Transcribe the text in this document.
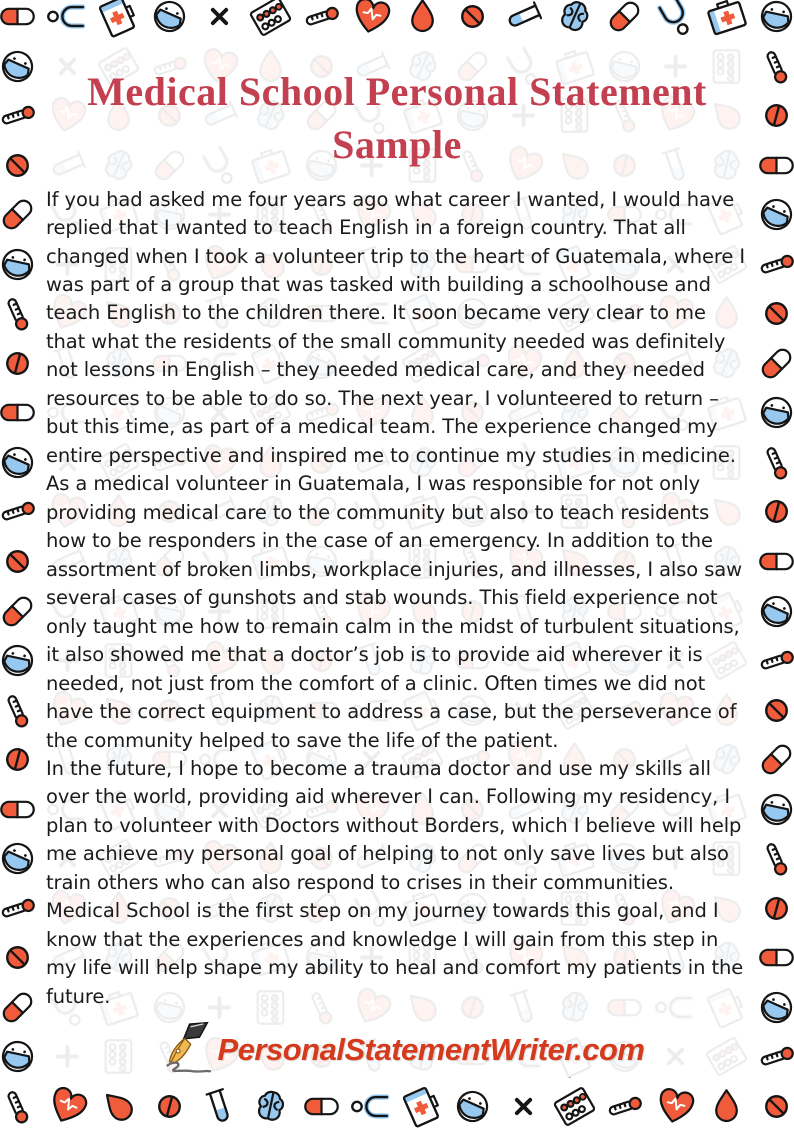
Medical School Personal Statement Sample

If you had asked me four years ago what career I wanted, I would have replied that I wanted to teach English in a foreign country. That all changed when I took a volunteer trip to the heart of Guatemala, where I was part of a group that was tasked with building a schoolhouse and teach English to the children there. It soon became very clear to me that what the residents of the small community needed was definitely not lessons in English – they needed medical care, and they needed resources to be able to do so. The next year, I volunteered to return – but this time, as part of a medical team. The experience changed my entire perspective and inspired me to continue my studies in medicine.

As a medical volunteer in Guatemala, I was responsible for not only providing medical care to the community but also to teach residents how to be responders in the case of an emergency. In addition to the assortment of broken limbs, workplace injuries, and illnesses, I also saw several cases of gunshots and stab wounds. This field experience not only taught me how to remain calm in the midst of turbulent situations, it also showed me that a doctor’s job is to provide aid wherever it is needed, not just from the comfort of a clinic. Often times we did not have the correct equipment to address a case, but the perseverance of the community helped to save the life of the patient.

In the future, I hope to become a trauma doctor and use my skills all over the world, providing aid wherever I can. Following my residency, I plan to volunteer with Doctors without Borders, which I believe will help me achieve my personal goal of helping to not only save lives but also train others who can also respond to crises in their communities. Medical School is the first step on my journey towards this goal, and I know that the experiences and knowledge I will gain from this step in my life will help shape my ability to heal and comfort my patients in the future.

PersonalStatementWriter.com
